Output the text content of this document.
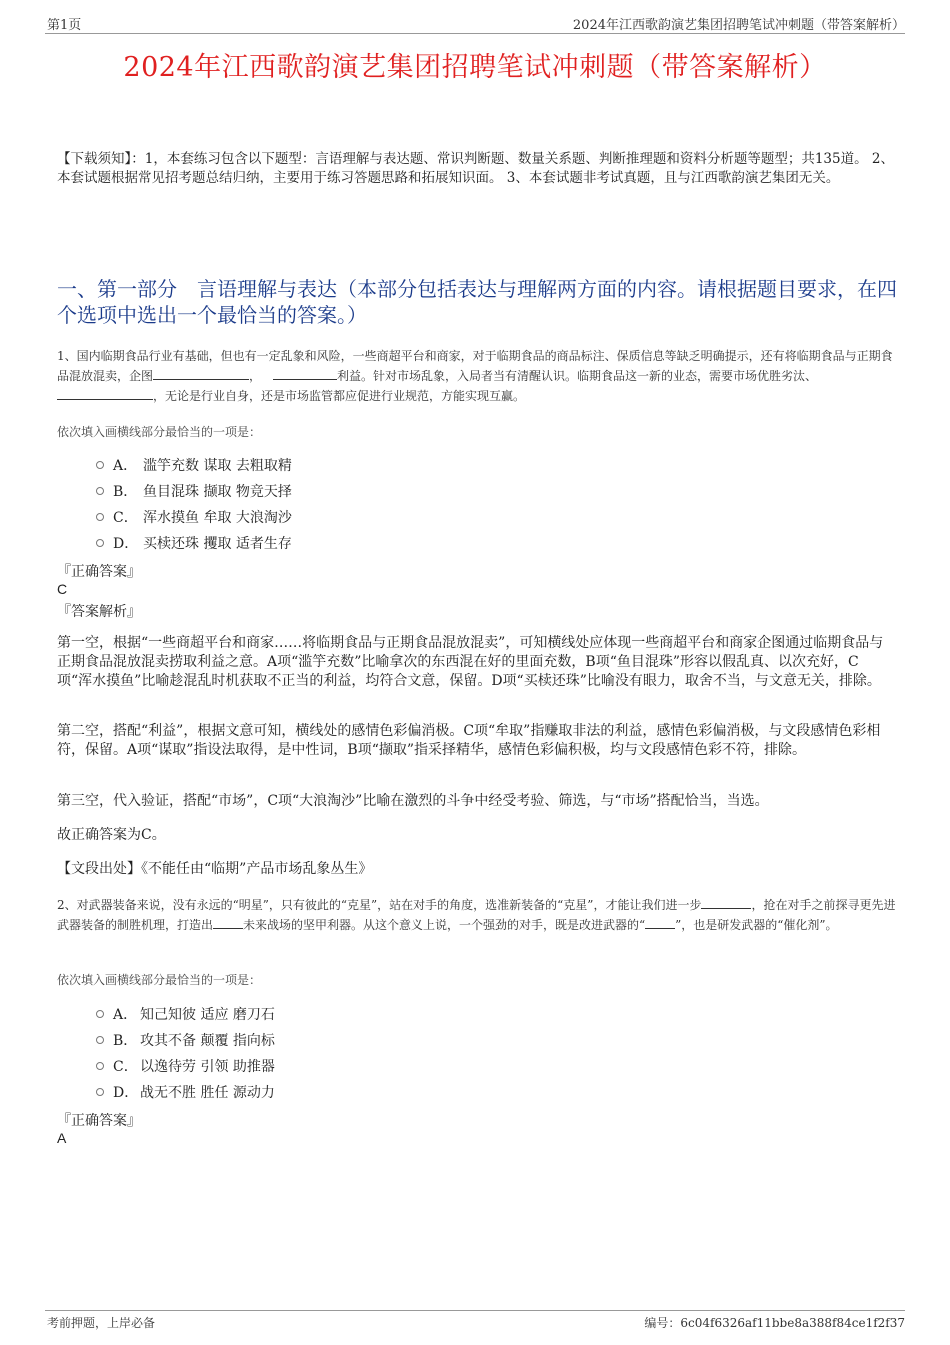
第1页	2024年江西歌韵演艺集团招聘笔试冲刺题（带答案解析）
2024年江西歌韵演艺集团招聘笔试冲刺题（带答案解析）
【下载须知】：1，本套练习包含以下题型：言语理解与表达题、常识判断题、数量关系题、判断推理题和资料分析题等题型；共135道。 2、本套试题根据常见招考题总结归纳，主要用于练习答题思路和拓展知识面。 3、本套试题非考试真题，且与江西歌韵演艺集团无关。
一、第一部分　言语理解与表达（本部分包括表达与理解两方面的内容。请根据题目要求，在四个选项中选出一个最恰当的答案。）
1、国内临期食品行业有基础，但也有一定乱象和风险，一些商超平台和商家，对于临期食品的商品标注、保质信息等缺乏明确提示，还有将临期食品与正期食品混放混卖，企图	，	利益。针对市场乱象，入局者当有清醒认识。临期食品这一新的业态，需要市场优胜劣汰、，无论是行业自身，还是市场监管都应促进行业规范，方能实现互赢。
依次填入画横线部分最恰当的一项是：
A． 滥竽充数 谋取 去粗取精
B． 鱼目混珠 撷取 物竞天择
C． 浑水摸鱼 牟取 大浪淘沙
D． 买椟还珠 攫取 适者生存
『正确答案』
C
『答案解析』
第一空，根据“一些商超平台和商家……将临期食品与正期食品混放混卖”，可知横线处应体现一些商超平台和商家企图通过临期食品与正期食品混放混卖捞取利益之意。A项“滥竽充数”比喻拿次的东西混在好的里面充数，B项“鱼目混珠”形容以假乱真、以次充好，C项“浑水摸鱼”比喻趁混乱时机获取不正当的利益，均符合文意，保留。D项“买椟还珠”比喻没有眼力，取舍不当，与文意无关，排除。
第二空，搭配“利益”，根据文意可知，横线处的感情色彩偏消极。C项“牟取”指赚取非法的利益，感情色彩偏消极，与文段感情色彩相符，保留。A项“谋取”指设法取得，是中性词，B项“撷取”指采择精华，感情色彩偏积极，均与文段感情色彩不符，排除。
第三空，代入验证，搭配“市场”，C项“大浪淘沙”比喻在激烈的斗争中经受考验、筛选，与“市场”搭配恰当，当选。
故正确答案为C。
【文段出处】《不能任由“临期”产品市场乱象丛生》
2、对武器装备来说，没有永远的“明星”，只有彼此的“克星”，站在对手的角度，选准新装备的“克星”，才能让我们进一步	，抢在对手之前探寻更先进武器装备的制胜机理，打造出	未来战场的坚甲利器。从这个意义上说，一个强劲的对手，既是改进武器的“	”，也是研发武器的“催化剂”。
依次填入画横线部分最恰当的一项是：
A． 知己知彼 适应 磨刀石
B． 攻其不备 颠覆 指向标
C． 以逸待劳 引领 助推器
D． 战无不胜 胜任 源动力
『正确答案』
A
考前押题，上岸必备	编号：6c04f6326af11bbe8a388f84ce1f2f37
